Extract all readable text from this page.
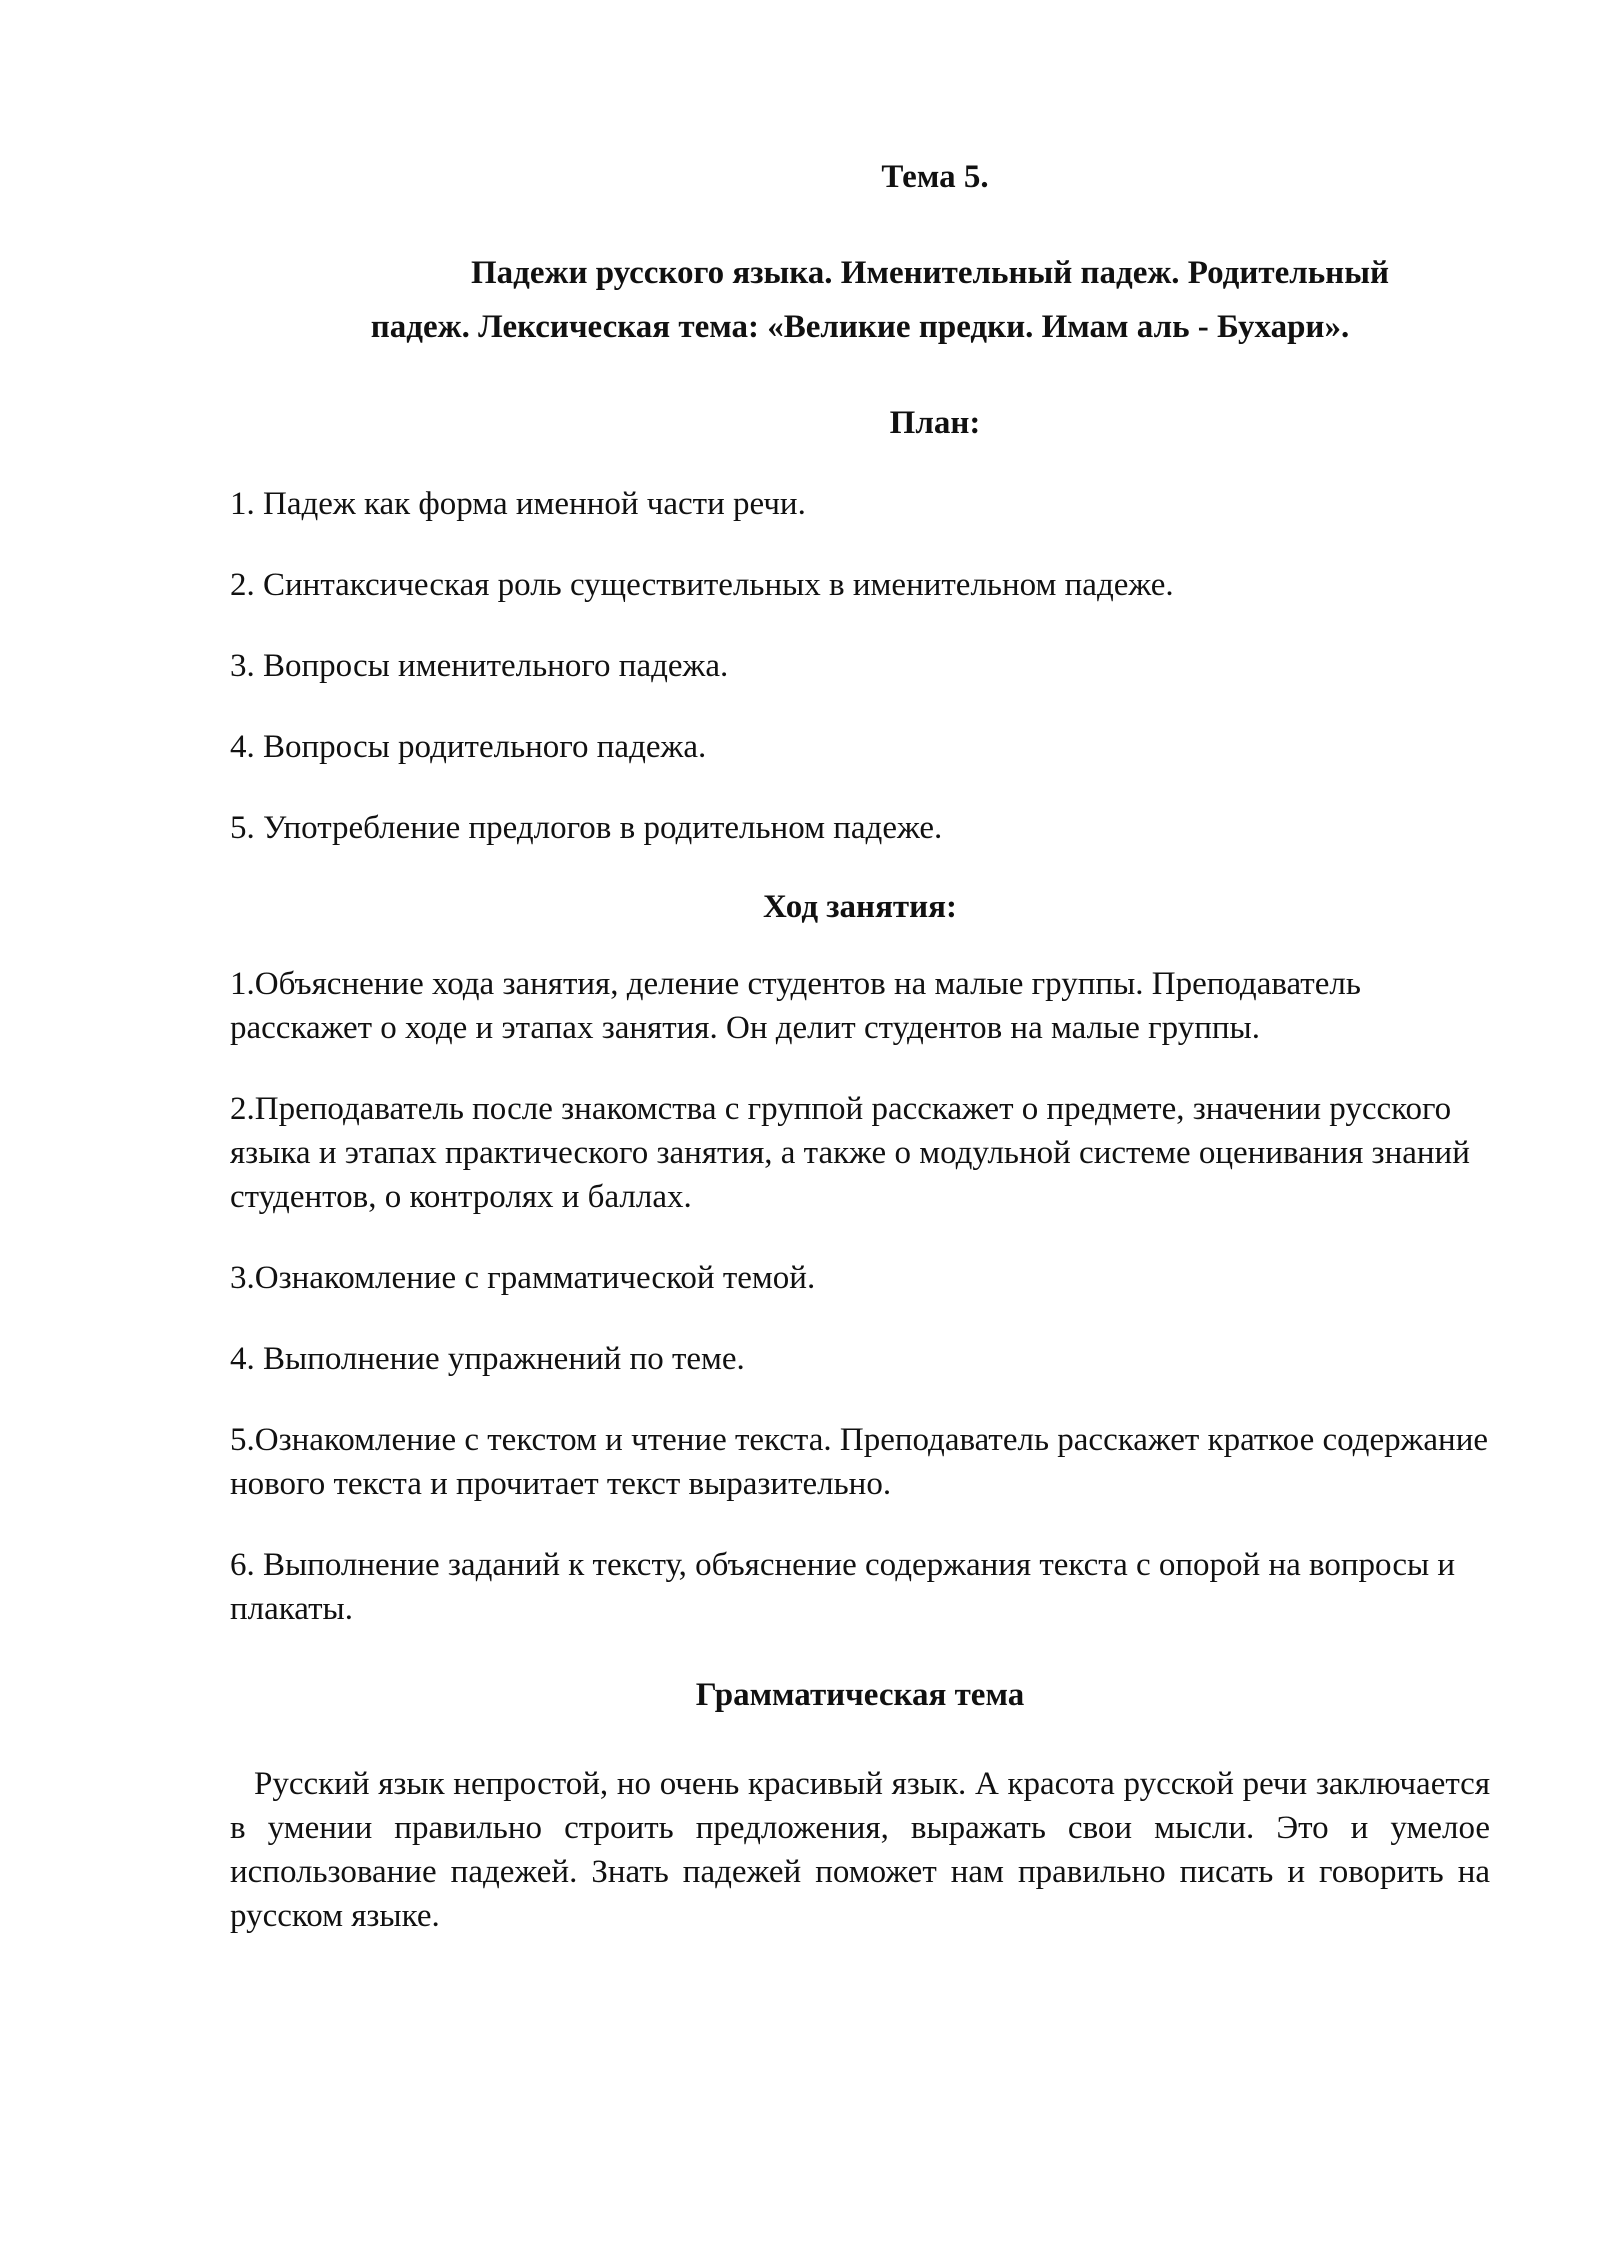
Тема 5.

Падежи русского языка. Именительный падеж. Родительный
падеж. Лексическая тема: «Великие предки. Имам аль - Бухари».

План:

1. Падеж как форма именной части речи.

2. Синтаксическая роль существительных в именительном падеже.

3. Вопросы именительного падежа.

4. Вопросы родительного падежа.

5. Употребление предлогов в родительном падеже.

Ход занятия:

1.Объяснение хода занятия, деление студентов на малые группы. Преподаватель расскажет о ходе и этапах занятия. Он делит студентов на малые группы.

2.Преподаватель после знакомства с группой расскажет о предмете, значении русского языка и этапах практического занятия, а также о модульной системе оценивания знаний студентов, о контролях и баллах.

3.Ознакомление с грамматической темой.

4. Выполнение упражнений по теме.

5.Ознакомление с текстом и чтение текста. Преподаватель расскажет краткое содержание нового текста и прочитает текст выразительно.

6. Выполнение заданий к тексту, объяснение содержания текста с опорой на вопросы и плакаты.

Грамматическая тема

Русский язык непростой, но очень красивый язык. А красота русской речи заключается в умении правильно строить предложения, выражать свои мысли. Это и умелое использование падежей. Знать падежей поможет нам правильно писать и говорить на русском языке.
